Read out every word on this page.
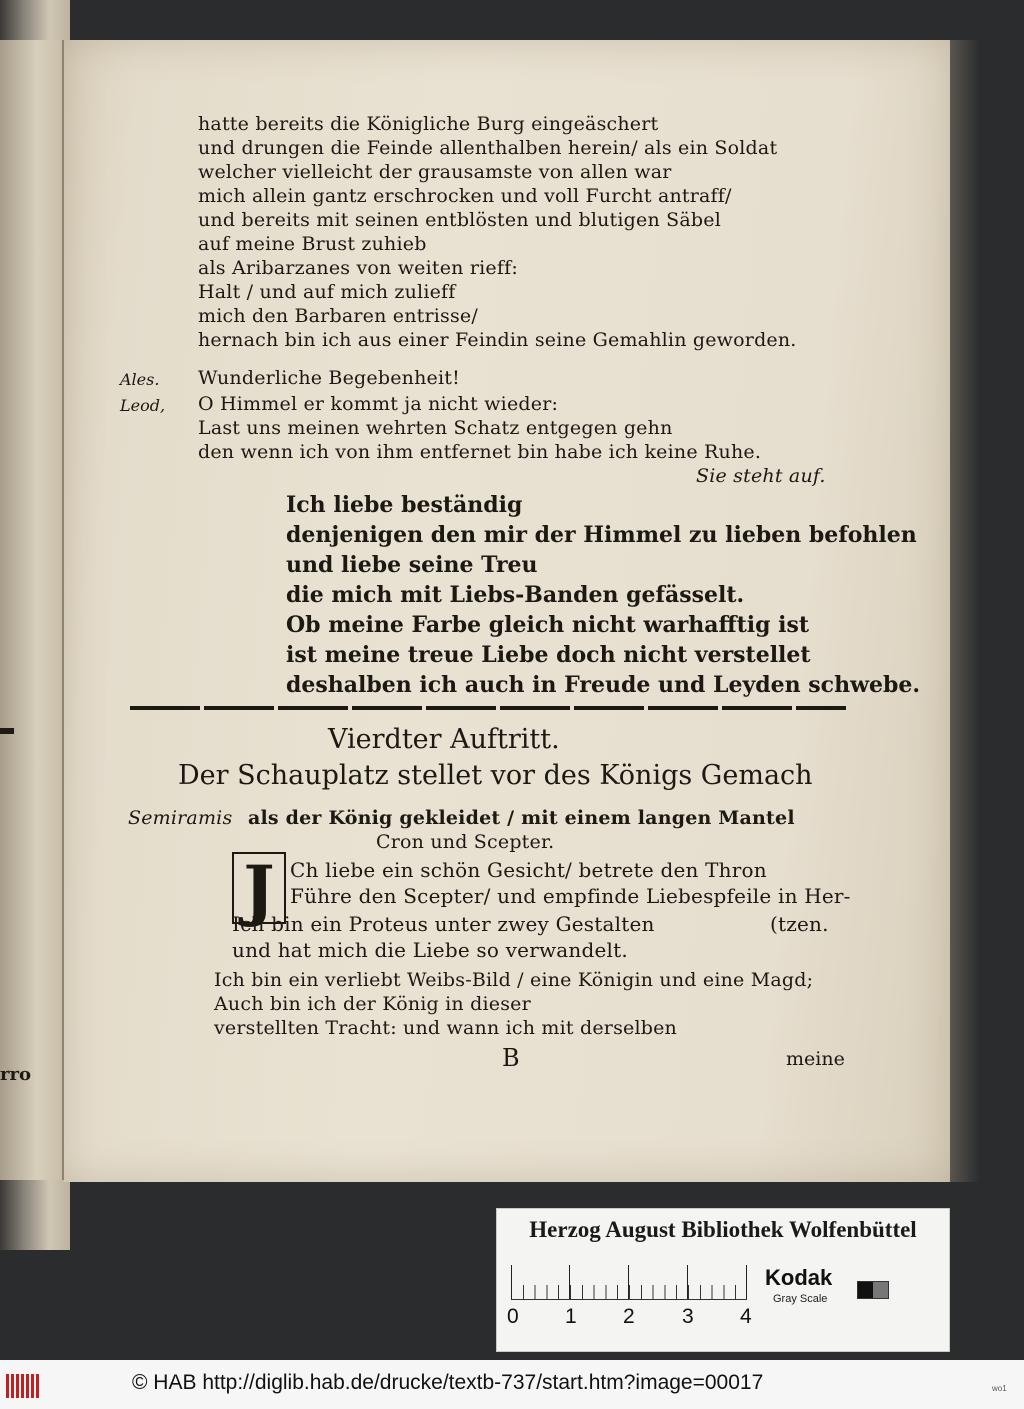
rro
hatte bereits die Königliche Burg eingeäschert
und drungen die Feinde allenthalben herein/ als ein Soldat
welcher vielleicht der grausamste von allen war
mich allein gantz erschrocken und voll Furcht antraff/
und bereits mit seinen entblösten und blutigen Säbel
auf meine Brust zuhieb
als Aribarzanes von weiten rieff:
Halt / und auf mich zulieff
mich den Barbaren entrisse/
hernach bin ich aus einer Feindin seine Gemahlin geworden.
Ales. Wunderliche Begebenheit!
Leod, O Himmel er kommt ja nicht wieder:
Last uns meinen wehrten Schatz entgegen gehn
den wenn ich von ihm entfernet bin habe ich keine Ruhe.
Sie steht auf.
Ich liebe beständig
denjenigen den mir der Himmel zu lieben befohlen
und liebe seine Treu
die mich mit Liebs-Banden gefässelt.
Ob meine Farbe gleich nicht warhafftig ist
ist meine treue Liebe doch nicht verstellet
deshalben ich auch in Freude und Leyden schwebe.
Vierdter Auftritt.
Der Schauplatz stellet vor des Königs Gemach
Semiramis als der König gekleidet / mit einem langen Mantel
Cron und Scepter.
J Ch liebe ein schön Gesicht/ betrete den Thron
Führe den Scepter/ und empfinde Liebespfeile in Her-
Ich bin ein Proteus unter zwey Gestalten	(tzen.
und hat mich die Liebe so verwandelt.
Ich bin ein verliebt Weibs-Bild / eine Königin und eine Magd;
Auch bin ich der König in dieser
verstellten Tracht: und wann ich mit derselben
B	meine
Herzog August Bibliothek Wolfenbüttel
0 1 2 3 4
Kodak
Gray Scale
© HAB http://diglib.hab.de/drucke/textb-737/start.htm?image=00017	wo1
